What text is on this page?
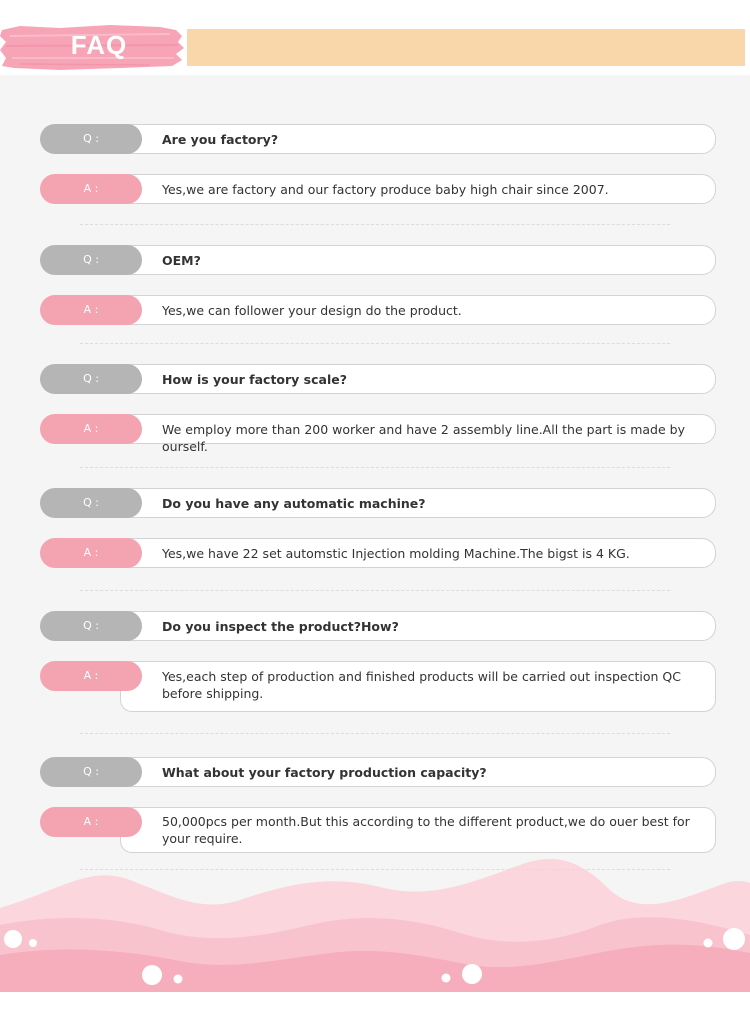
FAQ
Q :	Are you factory?
A :	Yes,we are factory and our factory produce baby high chair since 2007.
Q :	OEM?
A :	Yes,we can follower your design do the product.
Q :	How is your factory scale?
A :	We employ more than 200 worker and have 2 assembly line.All the part is made by ourself.
Q :	Do you have any automatic machine?
A :	Yes,we have 22 set automstic Injection molding Machine.The bigst is 4 KG.
Q :	Do you inspect the product?How?
A :	Yes,each step of production and finished products will be carried out inspection QC before shipping.
Q :	What about your factory production capacity?
A :	50,000pcs per month.But this according to the different product,we do ouer best for your require.
